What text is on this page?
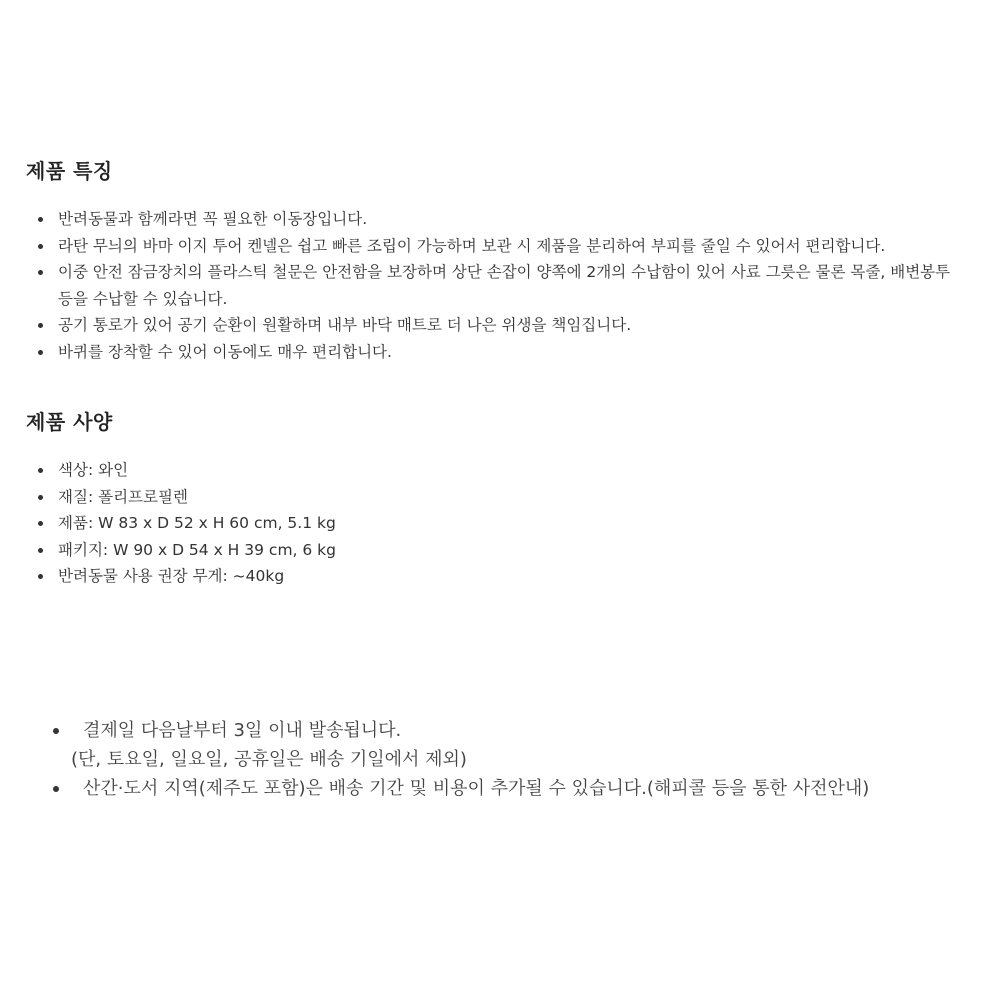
제품 특징
반려동물과 함께라면 꼭 필요한 이동장입니다.
라탄 무늬의 바마 이지 투어 켄넬은 쉽고 빠른 조립이 가능하며 보관 시 제품을 분리하여 부피를 줄일 수 있어서 편리합니다.
이중 안전 잠금장치의 플라스틱 철문은 안전함을 보장하며 상단 손잡이 양쪽에 2개의 수납함이 있어 사료 그릇은 물론 목줄, 배변봉투 등을 수납할 수 있습니다.
공기 통로가 있어 공기 순환이 원활하며 내부 바닥 매트로 더 나은 위생을 책임집니다.
바퀴를 장착할 수 있어 이동에도 매우 편리합니다.
제품 사양
색상: 와인
재질: 폴리프로필렌
제품: W 83 x D 52 x H 60 cm, 5.1 kg
패키지: W 90 x D 54 x H 39 cm, 6 kg
반려동물 사용 권장 무게: ~40kg
결제일 다음날부터 3일 이내 발송됩니다.
(단, 토요일, 일요일, 공휴일은 배송 기일에서 제외)
산간·도서 지역(제주도 포함)은 배송 기간 및 비용이 추가될 수 있습니다.(해피콜 등을 통한 사전안내)
